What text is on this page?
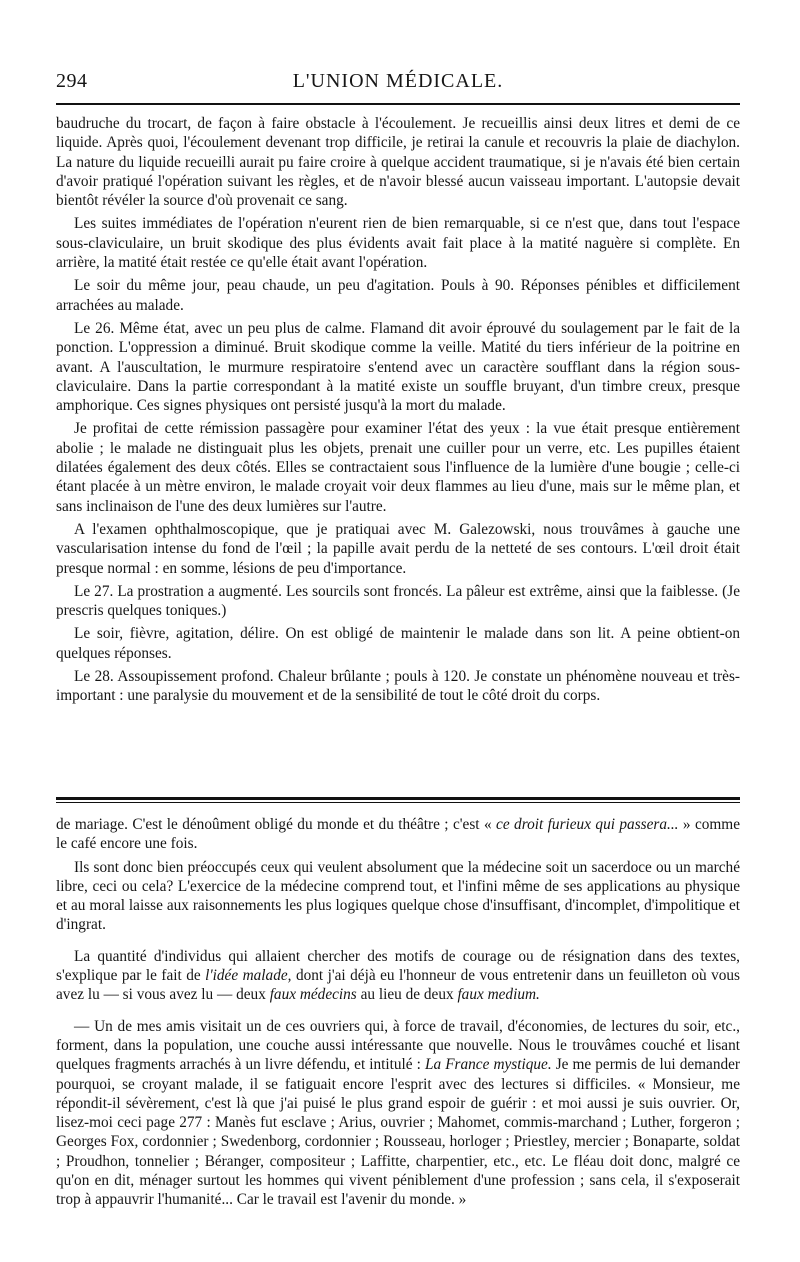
294	L'UNION MÉDICALE.

baudruche du trocart, de façon à faire obstacle à l'écoulement. Je recueillis ainsi deux litres et demi de ce liquide. Après quoi, l'écoulement devenant trop difficile, je retirai la canule et recouvris la plaie de diachylon. La nature du liquide recueilli aurait pu faire croire à quelque accident traumatique, si je n'avais été bien certain d'avoir pratiqué l'opération suivant les règles, et de n'avoir blessé aucun vaisseau important. L'autopsie devait bientôt révéler la source d'où provenait ce sang.

Les suites immédiates de l'opération n'eurent rien de bien remarquable, si ce n'est que, dans tout l'espace sous-claviculaire, un bruit skodique des plus évidents avait fait place à la matité naguère si complète. En arrière, la matité était restée ce qu'elle était avant l'opération.

Le soir du même jour, peau chaude, un peu d'agitation. Pouls à 90. Réponses pénibles et difficilement arrachées au malade.

Le 26. Même état, avec un peu plus de calme. Flamand dit avoir éprouvé du soulagement par le fait de la ponction. L'oppression a diminué. Bruit skodique comme la veille. Matité du tiers inférieur de la poitrine en avant. A l'auscultation, le murmure respiratoire s'entend avec un caractère soufflant dans la région sous-claviculaire. Dans la partie correspondant à la matité existe un souffle bruyant, d'un timbre creux, presque amphorique. Ces signes physiques ont persisté jusqu'à la mort du malade.

Je profitai de cette rémission passagère pour examiner l'état des yeux : la vue était presque entièrement abolie ; le malade ne distinguait plus les objets, prenait une cuiller pour un verre, etc. Les pupilles étaient dilatées également des deux côtés. Elles se contractaient sous l'influence de la lumière d'une bougie ; celle-ci étant placée à un mètre environ, le malade croyait voir deux flammes au lieu d'une, mais sur le même plan, et sans inclinaison de l'une des deux lumières sur l'autre.

A l'examen ophthalmoscopique, que je pratiquai avec M. Galezowski, nous trouvâmes à gauche une vascularisation intense du fond de l'œil ; la papille avait perdu de la netteté de ses contours. L'œil droit était presque normal : en somme, lésions de peu d'importance.

Le 27. La prostration a augmenté. Les sourcils sont froncés. La pâleur est extrême, ainsi que la faiblesse. (Je prescris quelques toniques.)

Le soir, fièvre, agitation, délire. On est obligé de maintenir le malade dans son lit. A peine obtient-on quelques réponses.

Le 28. Assoupissement profond. Chaleur brûlante ; pouls à 120. Je constate un phénomène nouveau et très-important : une paralysie du mouvement et de la sensibilité de tout le côté droit du corps.

de mariage. C'est le dénoûment obligé du monde et du théâtre ; c'est « ce droit furieux qui passera... » comme le café encore une fois.

Ils sont donc bien préoccupés ceux qui veulent absolument que la médecine soit un sacerdoce ou un marché libre, ceci ou cela? L'exercice de la médecine comprend tout, et l'infini même de ses applications au physique et au moral laisse aux raisonnements les plus logiques quelque chose d'insuffisant, d'incomplet, d'impolitique et d'ingrat.

La quantité d'individus qui allaient chercher des motifs de courage ou de résignation dans des textes, s'explique par le fait de l'idée malade, dont j'ai déjà eu l'honneur de vous entretenir dans un feuilleton où vous avez lu — si vous avez lu — deux faux médecins au lieu de deux faux medium.

— Un de mes amis visitait un de ces ouvriers qui, à force de travail, d'économies, de lectures du soir, etc., forment, dans la population, une couche aussi intéressante que nouvelle. Nous le trouvâmes couché et lisant quelques fragments arrachés à un livre défendu, et intitulé : La France mystique. Je me permis de lui demander pourquoi, se croyant malade, il se fatiguait encore l'esprit avec des lectures si difficiles. « Monsieur, me répondit-il sévèrement, c'est là que j'ai puisé le plus grand espoir de guérir : et moi aussi je suis ouvrier. Or, lisez-moi ceci page 277 : Manès fut esclave ; Arius, ouvrier ; Mahomet, commis-marchand ; Luther, forgeron ; Georges Fox, cordonnier ; Swedenborg, cordonnier ; Rousseau, horloger ; Priestley, mercier ; Bonaparte, soldat ; Proudhon, tonnelier ; Béranger, compositeur ; Laffitte, charpentier, etc., etc. Le fléau doit donc, malgré ce qu'on en dit, ménager surtout les hommes qui vivent péniblement d'une profession ; sans cela, il s'exposerait trop à appauvrir l'humanité... Car le travail est l'avenir du monde. »
